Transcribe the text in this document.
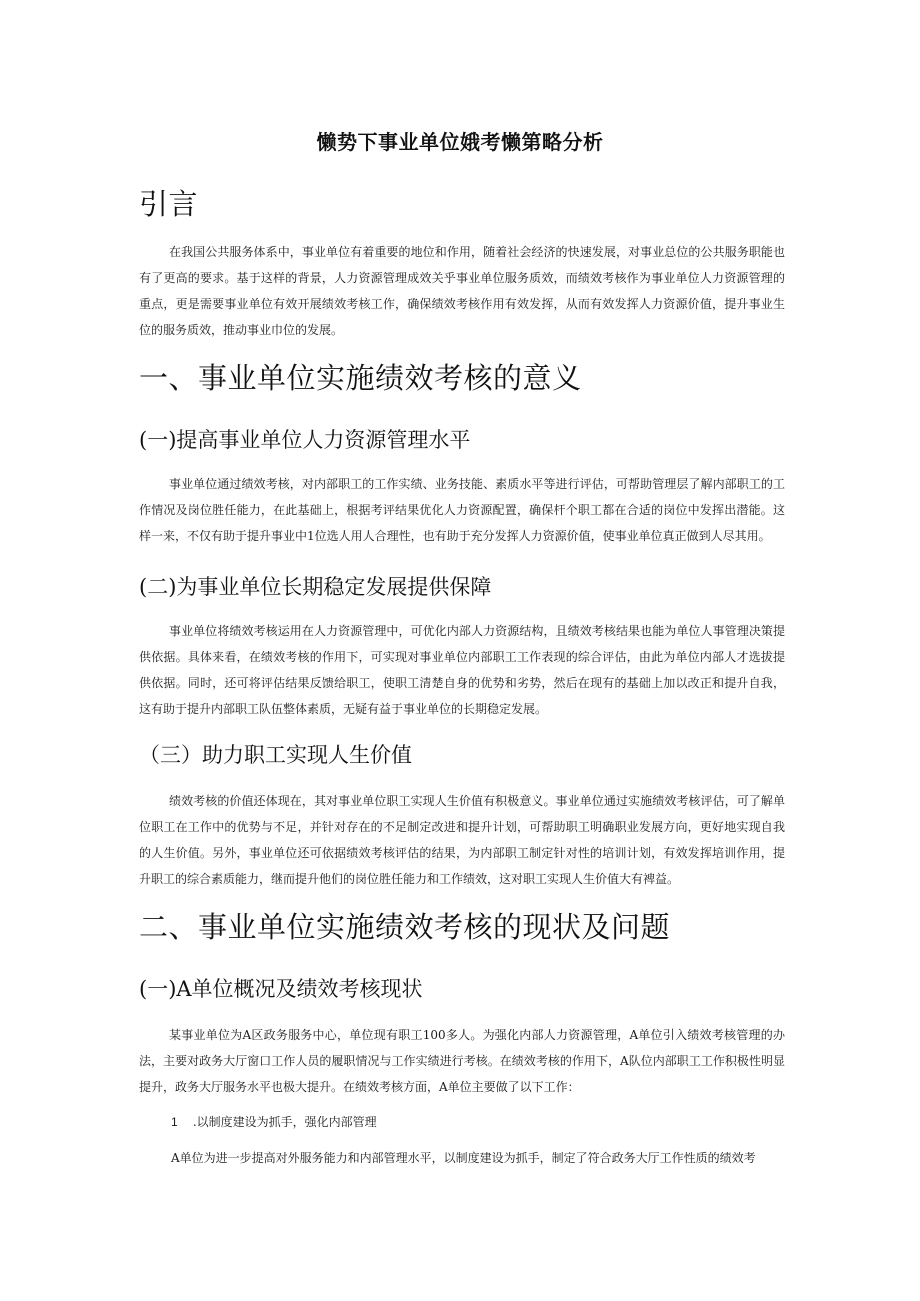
懒势下事业单位娥考懒第略分析
引言

在我国公共服务体系中，事业单位有着重要的地位和作用，随着社会经济的快速发展，对事业总位的公共服务职能也有了更高的要求。基于这样的背景，人力资源管理成效关乎事业单位服务质效，而绩效考核作为事业单位人力资源管理的重点，更是需要事业单位有效开展绩效考核工作，确保绩效考核作用有效发挥，从而有效发挥人力资源价值，提升事业生位的服务质效，推动事业巾位的发展。

一、事业单位实施绩效考核的意义
(一)提高事业单位人力资源管理水平

事业单位通过绩效考核，对内部职工的工作实绩、业务技能、素质水平等进行评估，可帮助管理层了解内部职工的工作情况及岗位胜任能力，在此基础上，根据考评结果优化人力资源配置，确保杆个职工都在合适的岗位中发挥出潜能。这样一来，不仅有助于提升事业中1位选人用人合理性，也有助于充分发挥人力资源价值，使事业单位真正做到人尽其用。

(二)为事业单位长期稳定发展提供保障

事业单位将绩效考核运用在人力资源管理中，可优化内部人力资源结构，且绩效考核结果也能为单位人事管理决策提供依据。具体来看，在绩效考核的作用下，可实现对事业单位内部职工工作表现的综合评估，由此为单位内部人才选拔提供依据。同时，还可将评估结果反馈给职工，使职工清楚自身的优势和劣势，然后在现有的基础上加以改正和提升自我，这有助于提升内部职工队伍整体素质，无疑有益于事业单位的长期稳定发展。

（三）助力职工实现人生价值

绩效考核的价值还体现在，其对事业单位职工实现人生价值有积极意义。事业单位通过实施绩效考核评估，可了解单位职工在工作中的优势与不足，并针对存在的不足制定改进和提升计划，可帮助职工明确职业发展方向，更好地实现自我的人生价值。另外，事业单位还可依据绩效考核评估的结果，为内部职工制定针对性的培训计划，有效发挥培训作用，提升职工的综合素质能力，继而提升他们的岗位胜任能力和工作绩效，这对职工实现人生价值大有裨益。

二、事业单位实施绩效考核的现状及问题
(一)A单位概况及绩效考核现状

某事业单位为A区政务服务中心，单位现有职工100多人。为强化内部人力资源管理，A单位引入绩效考核管理的办法，主要对政务大厅窗口工作人员的履职情况与工作实绩进行考核。在绩效考核的作用下，A队位内部职工工作积极性明显提升，政务大厅服务水平也极大提升。在绩效考核方面，A单位主要做了以下工作：

1 .以制度建设为抓手，强化内部管理
A单位为进一步提高对外服务能力和内部管理水平，以制度建设为抓手，制定了符合政务大厅工作性质的绩效考
